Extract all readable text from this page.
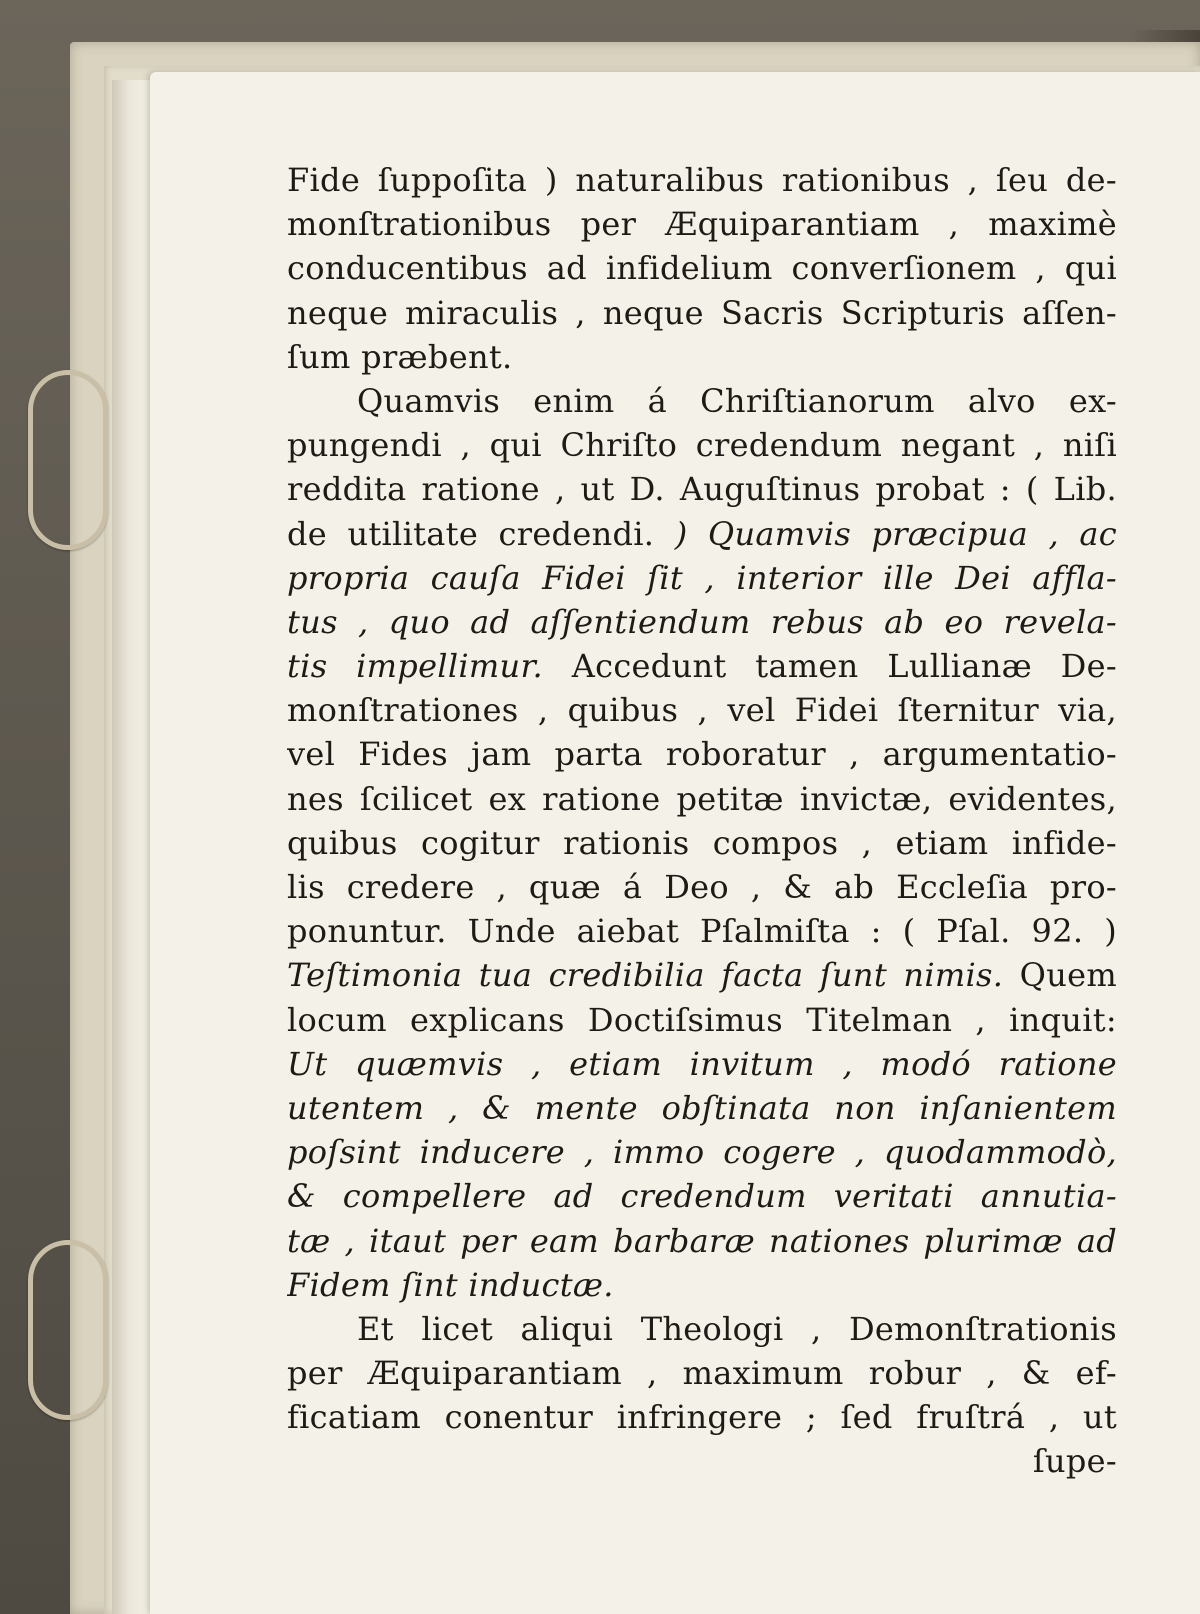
Fide ſuppoſita ) naturalibus rationibus , ſeu de-
monſtrationibus per Æquiparantiam , maximè
conducentibus ad infidelium converſionem , qui
neque miraculis , neque Sacris Scripturis aſſen-
ſum præbent.
Quamvis enim á Chriſtianorum alvo ex-
pungendi , qui Chriſto credendum negant , niſi
reddita ratione , ut D. Auguſtinus probat : ( Lib.
de utilitate credendi. ) Quamvis præcipua , ac
propria cauſa Fidei ſit , interior ille Dei affla-
tus , quo ad aſſentiendum rebus ab eo revela-
tis impellimur. Accedunt tamen Lullianæ De-
monſtrationes , quibus , vel Fidei ſternitur via,
vel Fides jam parta roboratur , argumentatio-
nes ſcilicet ex ratione petitæ invictæ, evidentes,
quibus cogitur rationis compos , etiam infide-
lis credere , quæ á Deo , & ab Eccleſia pro-
ponuntur. Unde aiebat Pſalmiſta : ( Pſal. 92. )
Teſtimonia tua credibilia facta ſunt nimis. Quem
locum explicans Doctiſsimus Titelman , inquit:
Ut quæmvis , etiam invitum , modó ratione
utentem , & mente obſtinata non inſanientem
poſsint inducere , immo cogere , quodammodò,
& compellere ad credendum veritati annutia-
tæ , itaut per eam barbaræ nationes plurimæ ad
Fidem ſint inductæ.
Et licet aliqui Theologi , Demonſtrationis
per Æquiparantiam , maximum robur , & ef-
ficatiam conentur infringere ; ſed fruſtrá , ut
ſupe-
